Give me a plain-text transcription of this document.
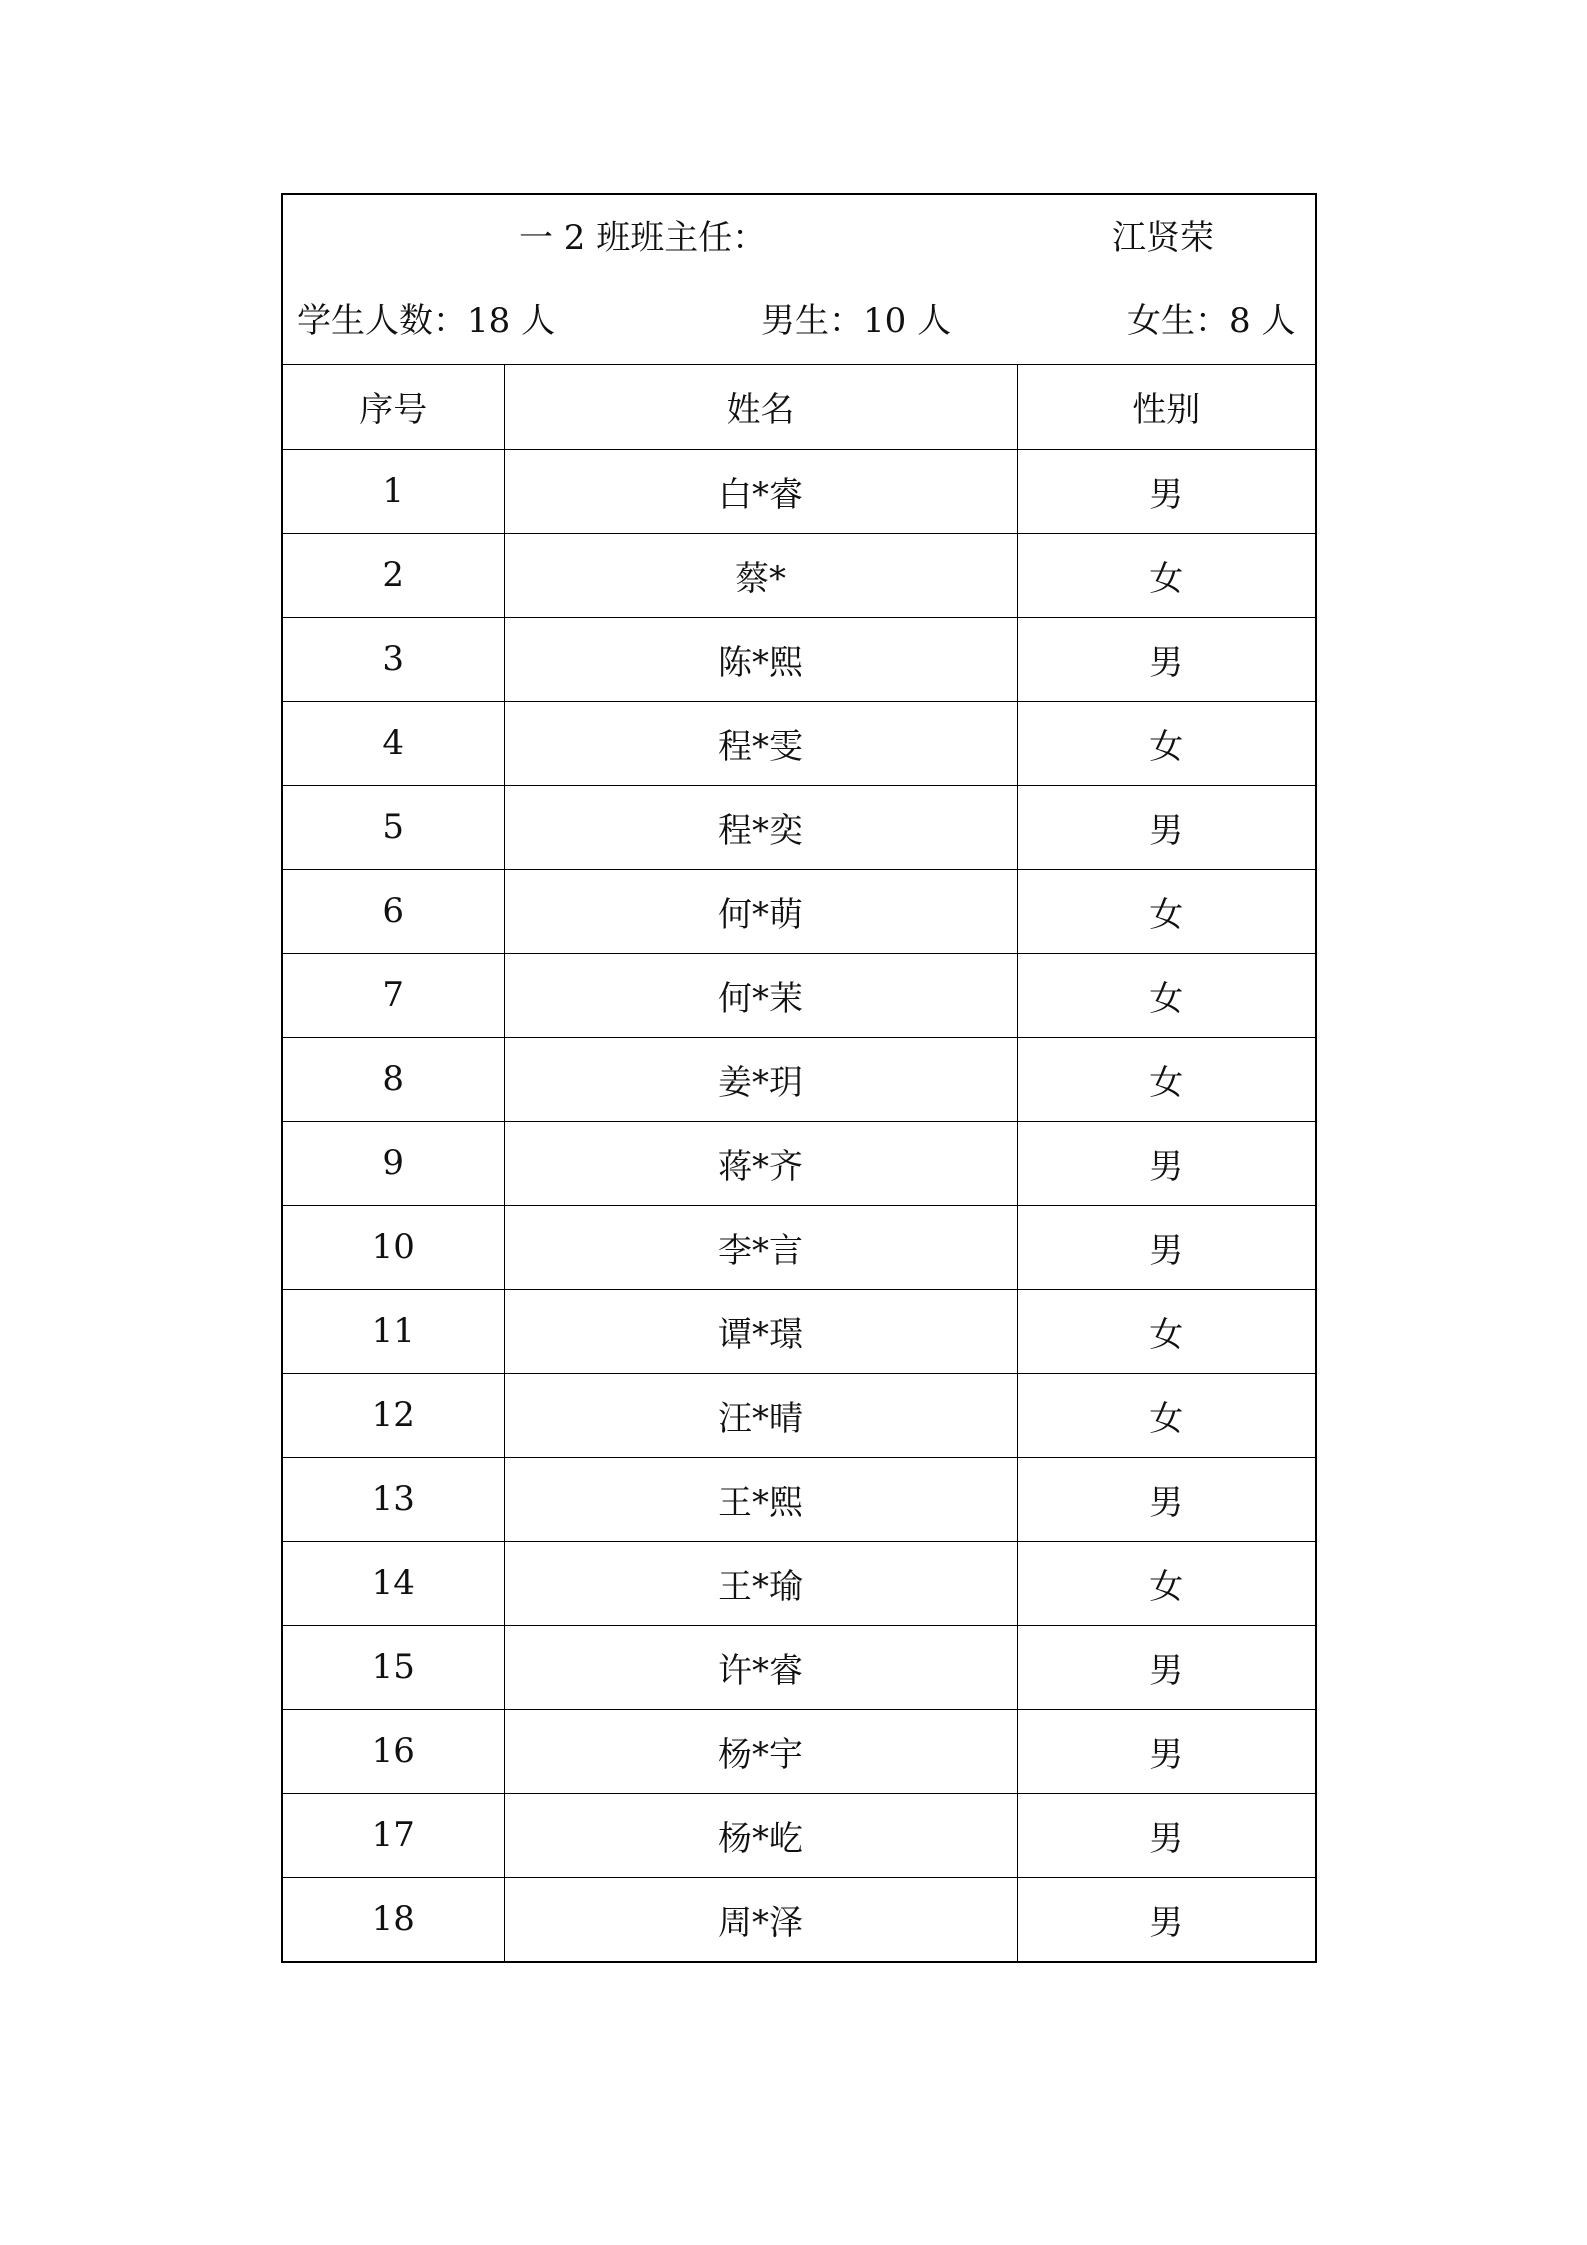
一 2 班班主任：	江贤荣
学生人数：18 人	男生：10 人	女生：8 人
序号	姓名	性别
1	白*睿	男
2	蔡*	女
3	陈*熙	男
4	程*雯	女
5	程*奕	男
6	何*萌	女
7	何*茉	女
8	姜*玥	女
9	蒋*齐	男
10	李*言	男
11	谭*璟	女
12	汪*晴	女
13	王*熙	男
14	王*瑜	女
15	许*睿	男
16	杨*宇	男
17	杨*屹	男
18	周*泽	男
